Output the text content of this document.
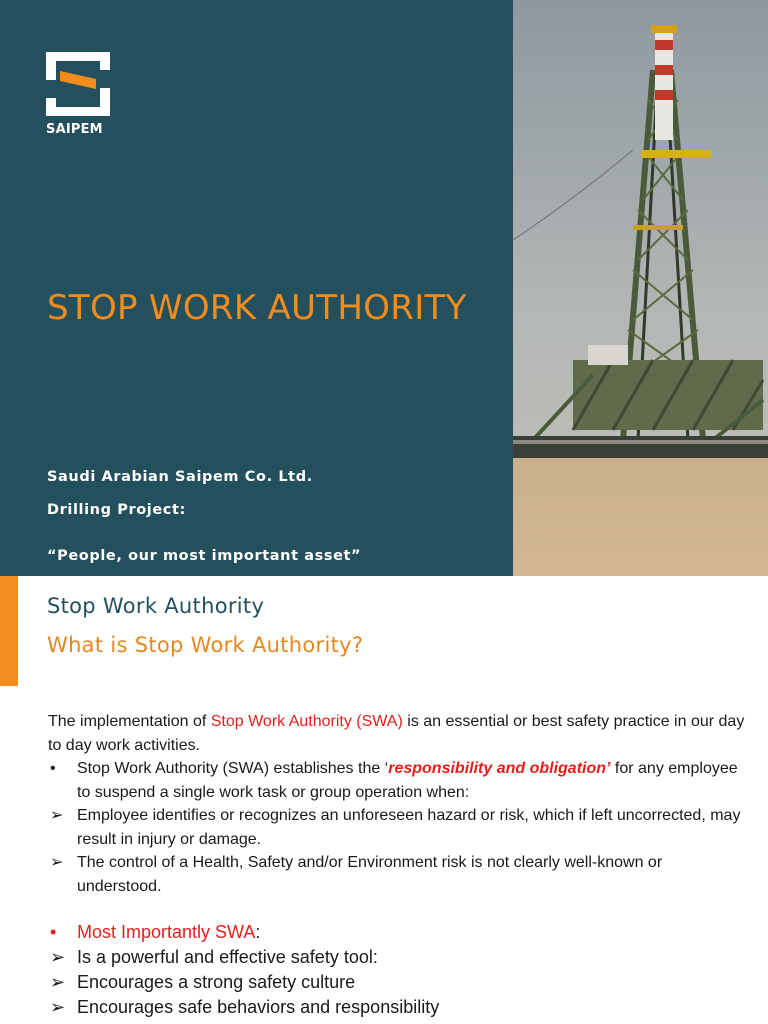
SAIPEM
STOP WORK AUTHORITY

Saudi Arabian Saipem Co. Ltd.

Drilling Project:

“People, our most important asset”

Stop Work Authority
What is Stop Work Authority?

The implementation of Stop Work Authority (SWA) is an essential or best safety practice in our day to day work activities.

• Stop Work Authority (SWA) establishes the ‘responsibility and obligation’ for any employee to suspend a single work task or group operation when:

➢ Employee identifies or recognizes an unforeseen hazard or risk, which if left uncorrected, may result in injury or damage.

➢ The control of a Health, Safety and/or Environment risk is not clearly well-known or understood.

• Most Importantly SWA:

➢ Is a powerful and effective safety tool:

➢ Encourages a strong safety culture

➢ Encourages safe behaviors and responsibility
